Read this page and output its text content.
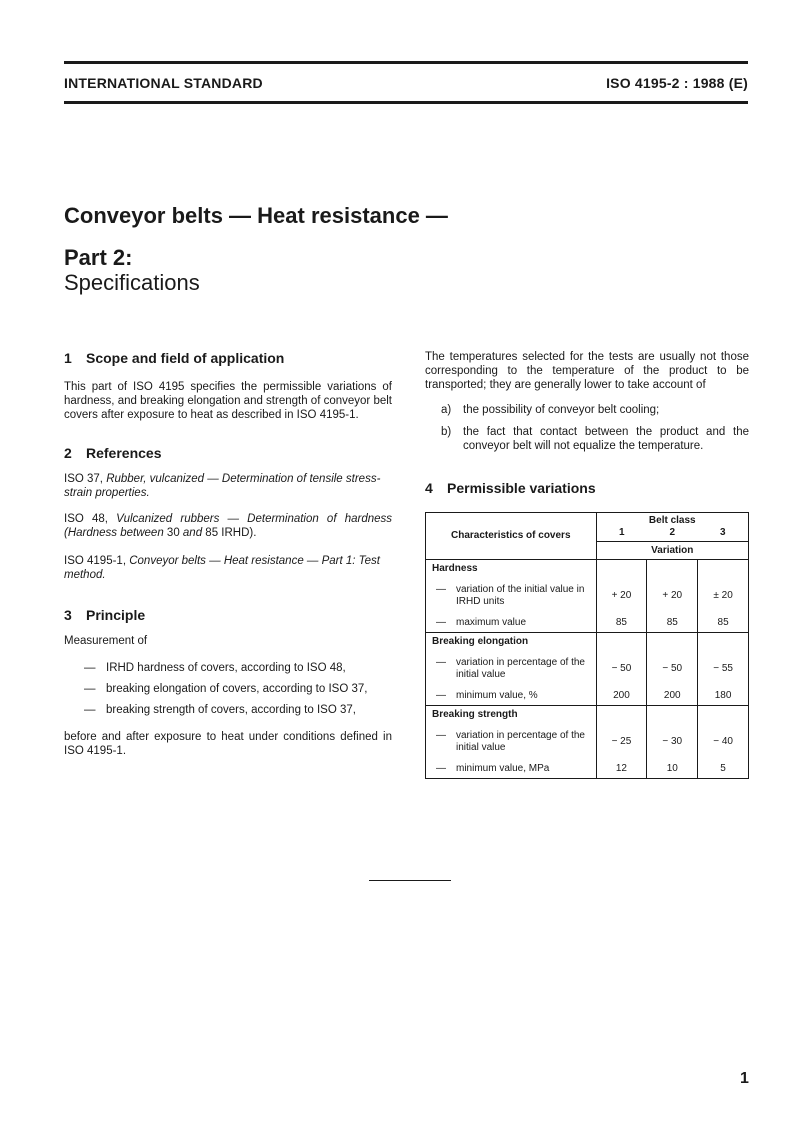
INTERNATIONAL STANDARD	ISO 4195-2 : 1988 (E)
Conveyor belts — Heat resistance —
Part 2:
Specifications
1 Scope and field of application

This part of ISO 4195 specifies the permissible variations of hardness, and breaking elongation and strength of conveyor belt covers after exposure to heat as described in ISO 4195-1.

2 References

ISO 37, Rubber, vulcanized — Determination of tensile stress-strain properties.

ISO 48, Vulcanized rubbers — Determination of hardness (Hardness between 30 and 85 IRHD).

ISO 4195-1, Conveyor belts — Heat resistance — Part 1: Test method.

3 Principle

Measurement of

— IRHD hardness of covers, according to ISO 48,

— breaking elongation of covers, according to ISO 37,

— breaking strength of covers, according to ISO 37,

before and after exposure to heat under conditions defined in ISO 4195-1.

The temperatures selected for the tests are usually not those corresponding to the temperature of the product to be transported; they are generally lower to take account of

a) the possibility of conveyor belt cooling;

b) the fact that contact between the product and the conveyor belt will not equalize the temperature.

4 Permissible variations
Characteristics of covers	Belt class
1 2 3		

	Variation		
Hardness			

— variation of the initial value in IRHD units	+ 20	+ 20	± 20

— maximum value	85	85	85
Breaking elongation			

— variation in percentage of the initial value	− 50	− 50	− 55

— minimum value, %	200	200	180
Breaking strength			

— variation in percentage of the initial value	− 25	− 30	− 40

— minimum value, MPa	12	10	5
1
